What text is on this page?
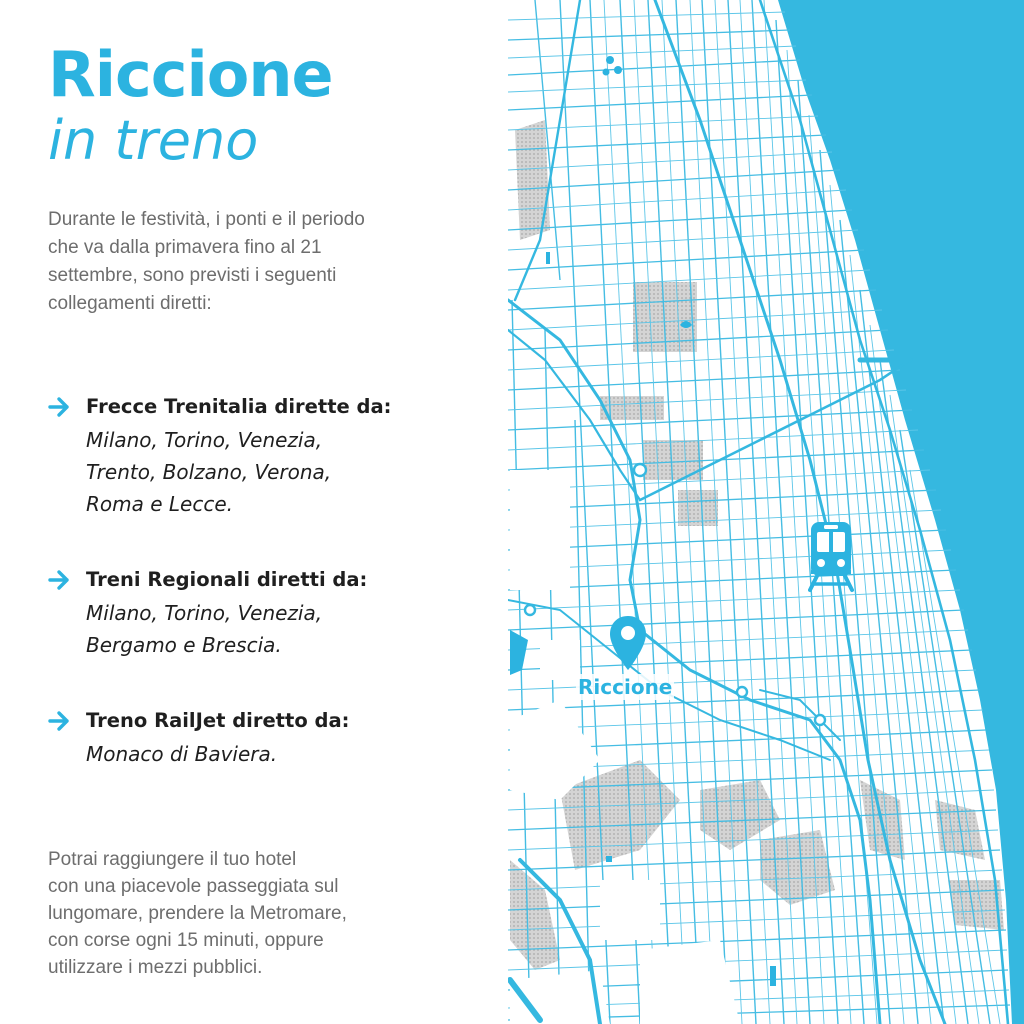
Riccione
in treno
Durante le festività, i ponti e il periodo
che va dalla primavera fino al 21
settembre, sono previsti i seguenti
collegamenti diretti:
Frecce Trenitalia dirette da:
Milano, Torino, Venezia,
Trento, Bolzano, Verona,
Roma e Lecce.
Treni Regionali diretti da:
Milano, Torino, Venezia,
Bergamo e Brescia.
Treno RailJet diretto da:
Monaco di Baviera.
Potrai raggiungere il tuo hotel
con una piacevole passeggiata sul
lungomare, prendere la Metromare,
con corse ogni 15 minuti, oppure
utilizzare i mezzi pubblici.
Riccione
